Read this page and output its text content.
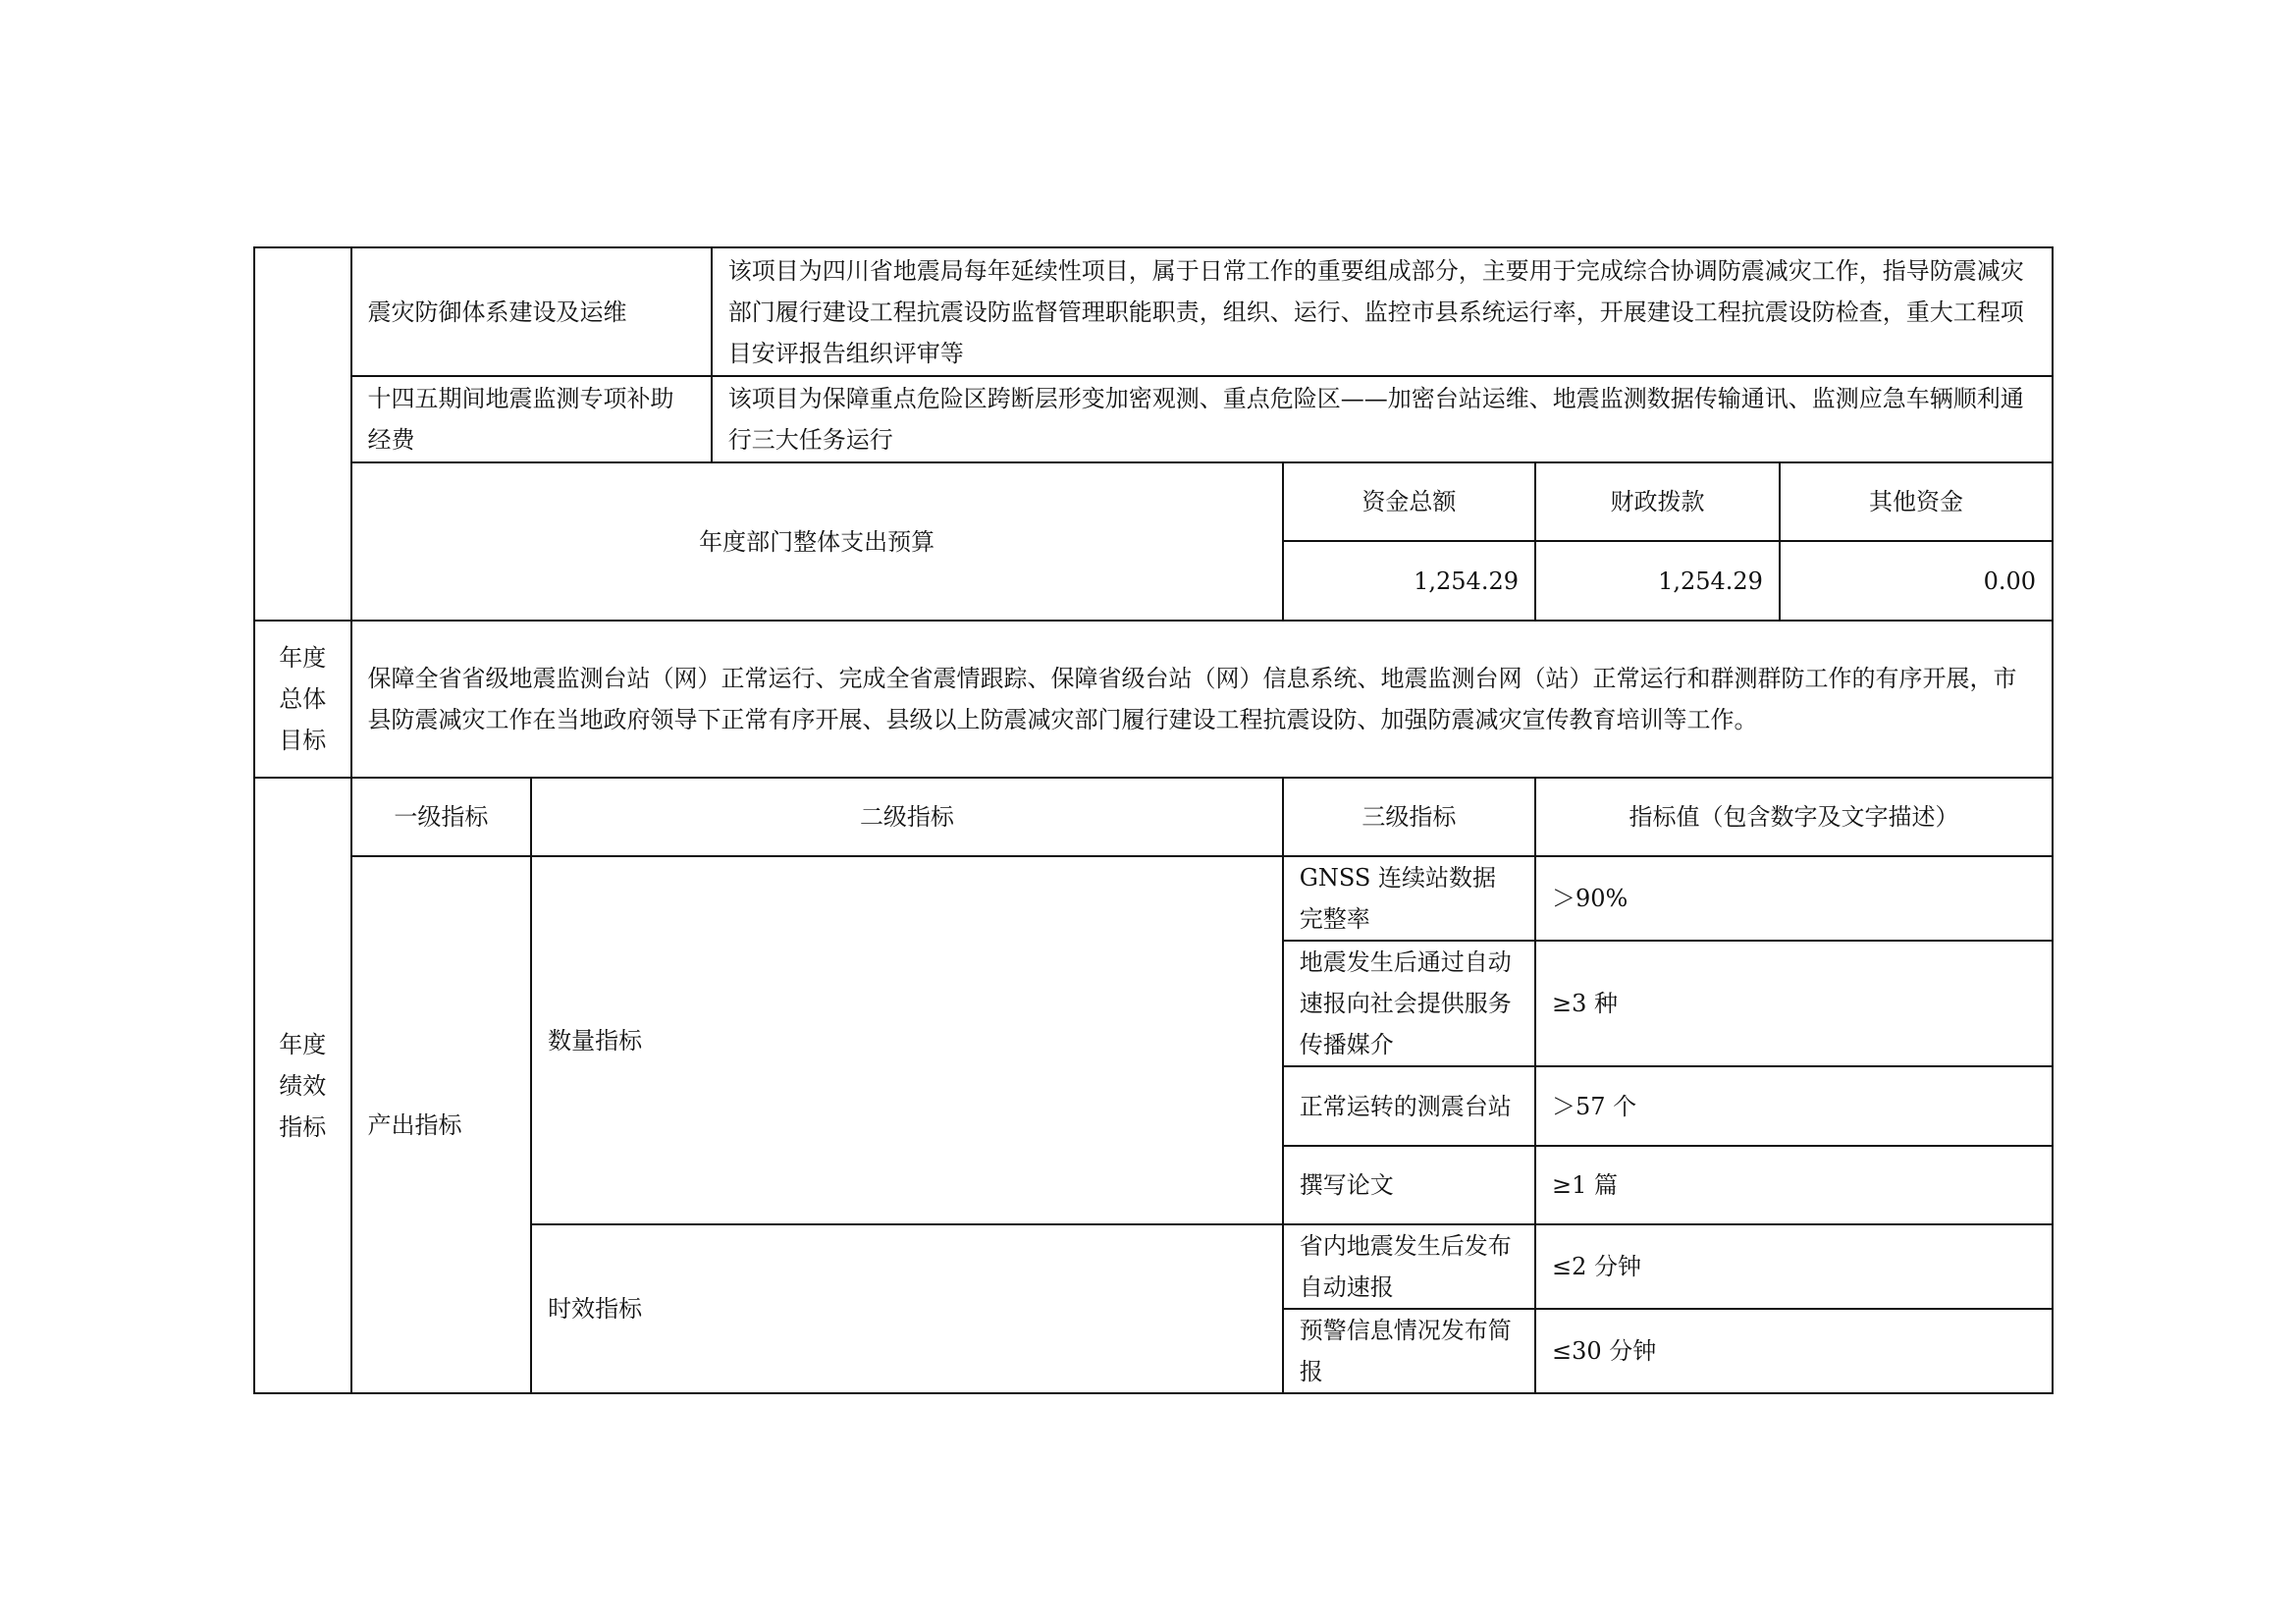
	震灾防御体系建设及运维		该项目为四川省地震局每年延续性项目，属于日常工作的重要组成部分，主要用于完成综合协调防震减灾工作，指导防震减灾部门履行建设工程抗震设防监督管理职能职责，组织、运行、监控市县系统运行率，开展建设工程抗震设防检查，重大工程项目安评报告组织评审等			
	十四五期间地震监测专项补助经费		该项目为保障重点危险区跨断层形变加密观测、重点危险区——加密台站运维、地震监测数据传输通讯、监测应急车辆顺利通行三大任务运行			
	年度部门整体支出预算			资金总额	财政拨款	其他资金
				1,254.29	1,254.29	0.00

年度
总体
目标	保障全省省级地震监测台站（网）正常运行、完成全省震情跟踪、保障省级台站（网）信息系统、地震监测台网（站）正常运行和群测群防工作的有序开展，市县防震减灾工作在当地政府领导下正常有序开展、县级以上防震减灾部门履行建设工程抗震设防、加强防震减灾宣传教育培训等工作。					

年度
绩效
指标	一级指标	二级指标		三级指标	指标值（包含数字及文字描述）	
	产出指标	数量指标		GNSS 连续站数据完整率	＞90%	
				地震发生后通过自动速报向社会提供服务传播媒介	≥3 种	
				正常运转的测震台站	＞57 个	
				撰写论文	≥1 篇	
		时效指标		省内地震发生后发布自动速报	≤2 分钟	
				预警信息情况发布简报	≤30 分钟	
